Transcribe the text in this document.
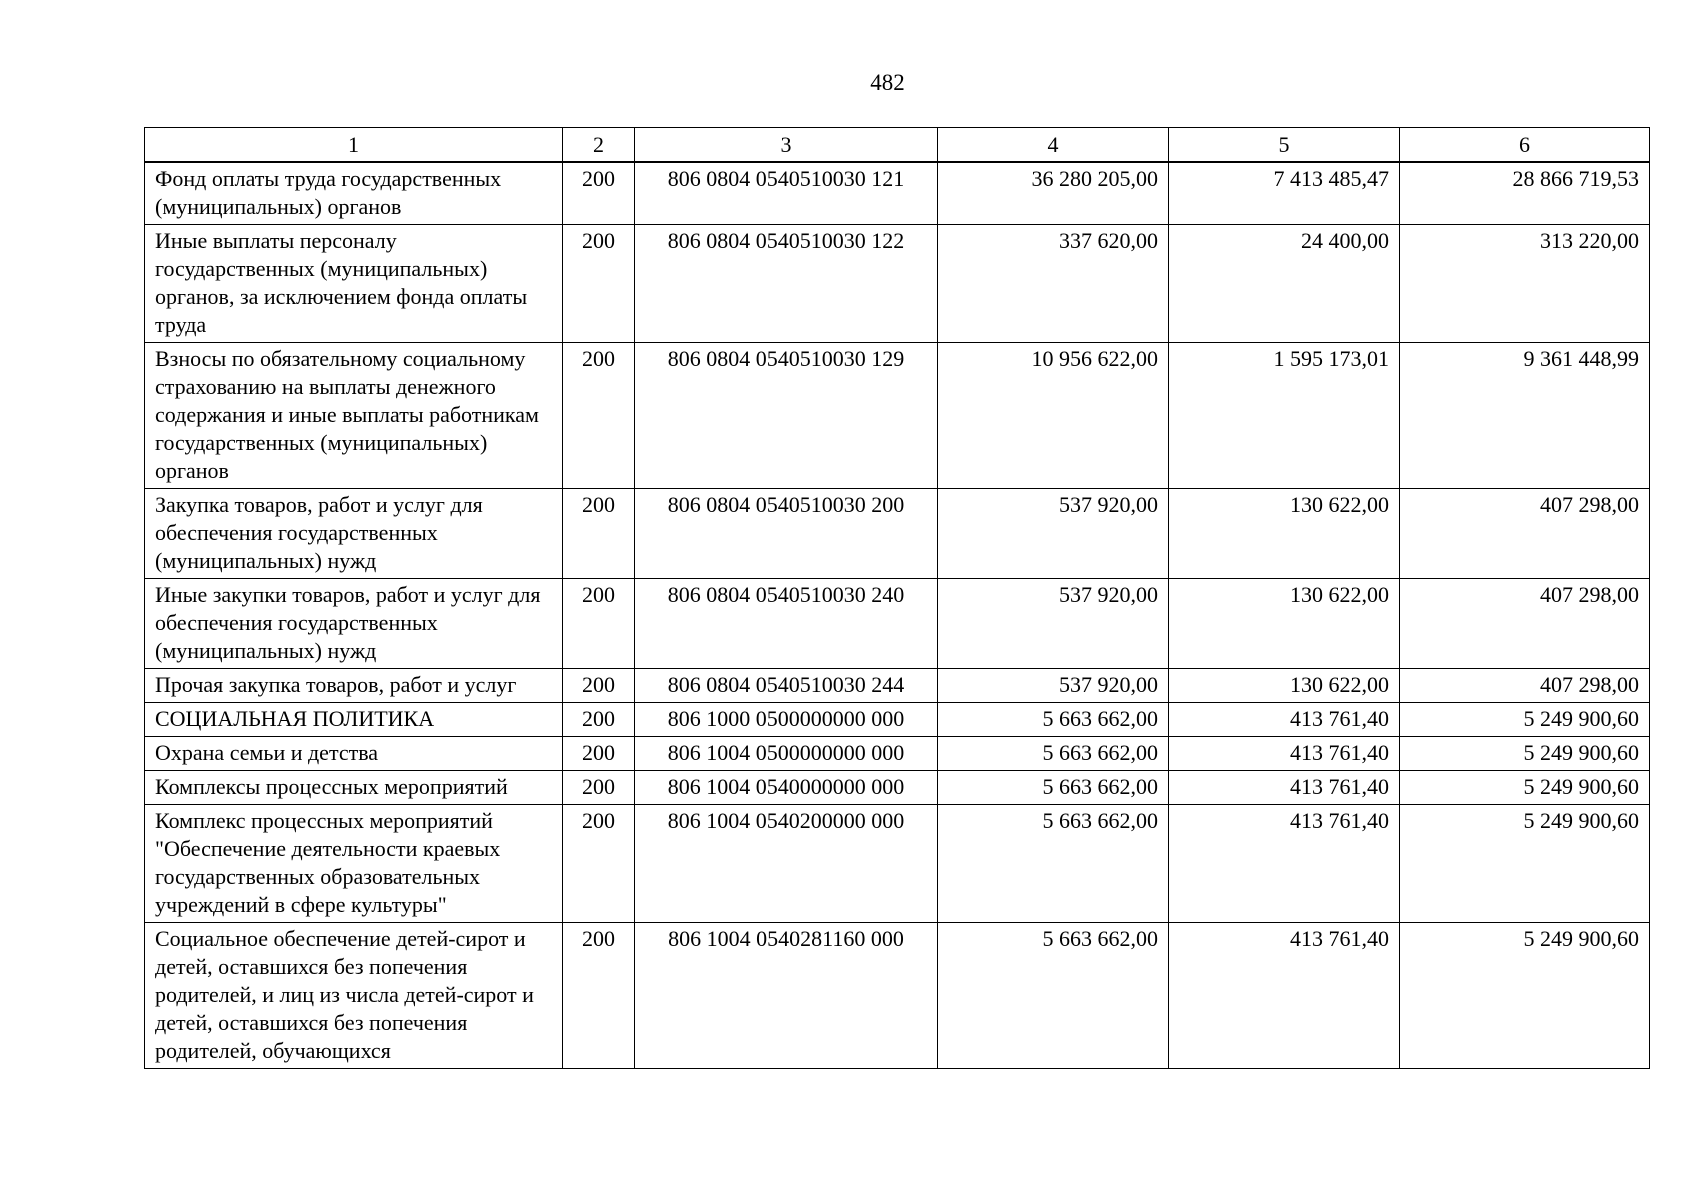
482
1	2	3	4	5	6
Фонд оплаты труда государственных (муниципальных) органов	200	806 0804 0540510030 121	36 280 205,00	7 413 485,47	28 866 719,53
Иные выплаты персоналу государственных (муниципальных) органов, за исключением фонда оплаты труда	200	806 0804 0540510030 122	337 620,00	24 400,00	313 220,00
Взносы по обязательному социальному страхованию на выплаты денежного содержания и иные выплаты работникам государственных (муниципальных) органов	200	806 0804 0540510030 129	10 956 622,00	1 595 173,01	9 361 448,99
Закупка товаров, работ и услуг для обеспечения государственных (муниципальных) нужд	200	806 0804 0540510030 200	537 920,00	130 622,00	407 298,00
Иные закупки товаров, работ и услуг для обеспечения государственных (муниципальных) нужд	200	806 0804 0540510030 240	537 920,00	130 622,00	407 298,00
Прочая закупка товаров, работ и услуг	200	806 0804 0540510030 244	537 920,00	130 622,00	407 298,00
СОЦИАЛЬНАЯ ПОЛИТИКА	200	806 1000 0500000000 000	5 663 662,00	413 761,40	5 249 900,60
Охрана семьи и детства	200	806 1004 0500000000 000	5 663 662,00	413 761,40	5 249 900,60
Комплексы процессных мероприятий	200	806 1004 0540000000 000	5 663 662,00	413 761,40	5 249 900,60
Комплекс процессных мероприятий "Обеспечение деятельности краевых государственных образовательных учреждений в сфере культуры"	200	806 1004 0540200000 000	5 663 662,00	413 761,40	5 249 900,60
Социальное обеспечение детей-сирот и детей, оставшихся без попечения родителей, и лиц из числа детей-сирот и детей, оставшихся без попечения родителей, обучающихся	200	806 1004 0540281160 000	5 663 662,00	413 761,40	5 249 900,60
